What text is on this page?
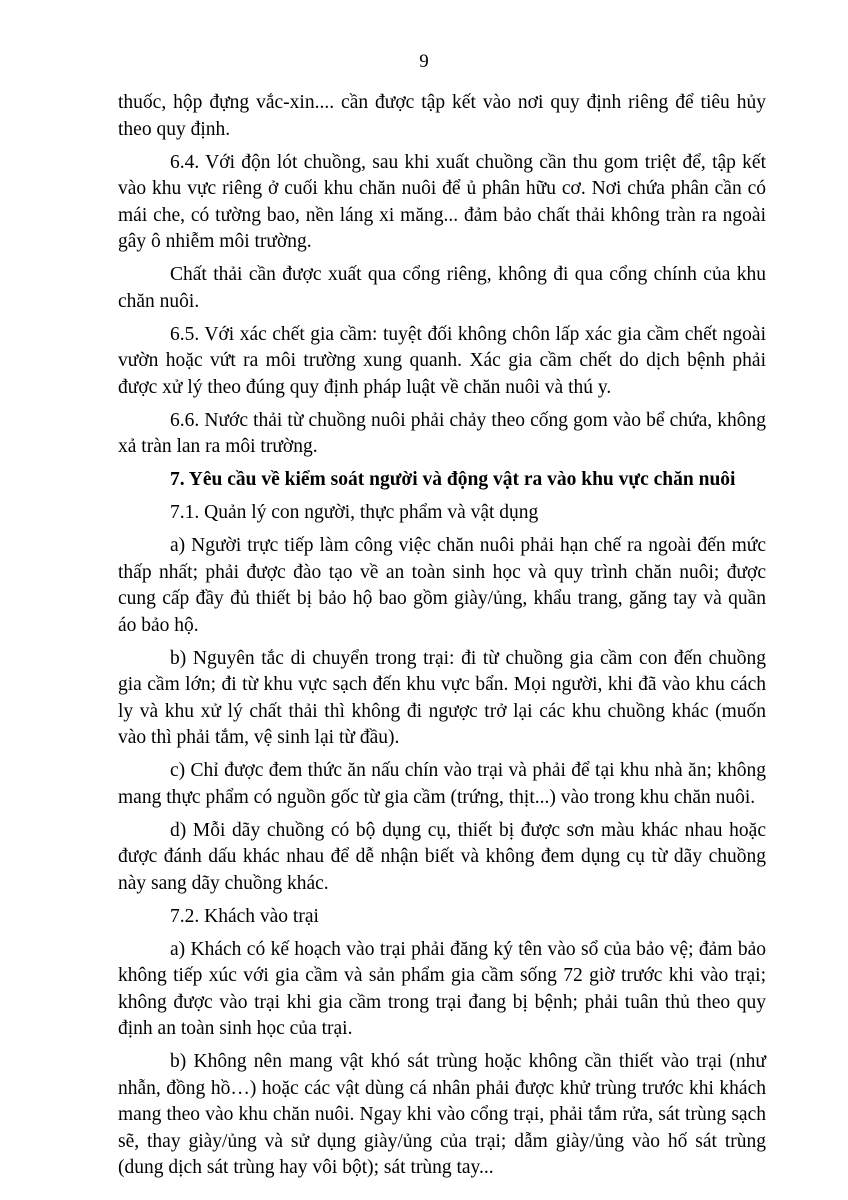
9

thuốc, hộp đựng vắc-xin.... cần được tập kết vào nơi quy định riêng để tiêu hủy theo quy định.

6.4. Với độn lót chuồng, sau khi xuất chuồng cần thu gom triệt để, tập kết vào khu vực riêng ở cuối khu chăn nuôi để ủ phân hữu cơ. Nơi chứa phân cần có mái che, có tường bao, nền láng xi măng... đảm bảo chất thải không tràn ra ngoài gây ô nhiễm môi trường.

Chất thải cần được xuất qua cổng riêng, không đi qua cổng chính của khu chăn nuôi.

6.5. Với xác chết gia cầm: tuyệt đối không chôn lấp xác gia cầm chết ngoài vườn hoặc vứt ra môi trường xung quanh. Xác gia cầm chết do dịch bệnh phải được xử lý theo đúng quy định pháp luật về chăn nuôi và thú y.

6.6. Nước thải từ chuồng nuôi phải chảy theo cống gom vào bể chứa, không xả tràn lan ra môi trường.

7. Yêu cầu về kiểm soát người và động vật ra vào khu vực chăn nuôi

7.1. Quản lý con người, thực phẩm và vật dụng

a) Người trực tiếp làm công việc chăn nuôi phải hạn chế ra ngoài đến mức thấp nhất; phải được đào tạo về an toàn sinh học và quy trình chăn nuôi; được cung cấp đầy đủ thiết bị bảo hộ bao gồm giày/ủng, khẩu trang, găng tay và quần áo bảo hộ.

b) Nguyên tắc di chuyển trong trại: đi từ chuồng gia cầm con đến chuồng gia cầm lớn; đi từ khu vực sạch đến khu vực bẩn. Mọi người, khi đã vào khu cách ly và khu xử lý chất thải thì không đi ngược trở lại các khu chuồng khác (muốn vào thì phải tắm, vệ sinh lại từ đầu).

c) Chỉ được đem thức ăn nấu chín vào trại và phải để tại khu nhà ăn; không mang thực phẩm có nguồn gốc từ gia cầm (trứng, thịt...) vào trong khu chăn nuôi.

d) Mỗi dãy chuồng có bộ dụng cụ, thiết bị được sơn màu khác nhau hoặc được đánh dấu khác nhau để dễ nhận biết và không đem dụng cụ từ dãy chuồng này sang dãy chuồng khác.

7.2. Khách vào trại

a) Khách có kế hoạch vào trại phải đăng ký tên vào sổ của bảo vệ; đảm bảo không tiếp xúc với gia cầm và sản phẩm gia cầm sống 72 giờ trước khi vào trại; không được vào trại khi gia cầm trong trại đang bị bệnh; phải tuân thủ theo quy định an toàn sinh học của trại.

b) Không nên mang vật khó sát trùng hoặc không cần thiết vào trại (như nhẫn, đồng hồ…) hoặc các vật dùng cá nhân phải được khử trùng trước khi khách mang theo vào khu chăn nuôi. Ngay khi vào cổng trại, phải tắm rửa, sát trùng sạch sẽ, thay giày/ủng và sử dụng giày/ủng của trại; dẫm giày/ủng vào hố sát trùng (dung dịch sát trùng hay vôi bột); sát trùng tay...
